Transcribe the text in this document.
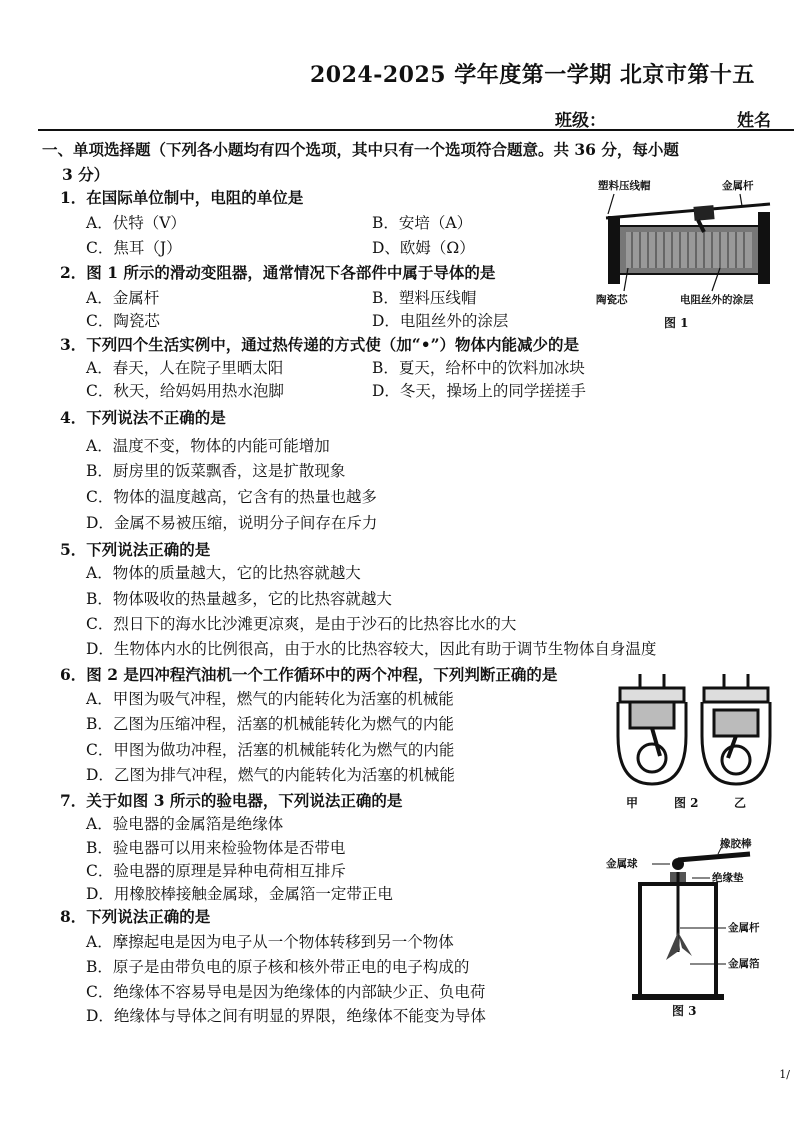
2024-2025 学年度第一学期 北京市第十五
班级：	姓名
一、单项选择题（下列各小题均有四个选项，其中只有一个选项符合题意。共 36 分，每小题
3 分）
1．在国际单位制中，电阻的单位是
A．伏特（V）	B．安培（A）
C．焦耳（J）	D、欧姆（Ω）
2．图 1 所示的滑动变阻器，通常情况下各部件中属于导体的是
A．金属杆	B．塑料压线帽
C．陶瓷芯	D．电阻丝外的涂层
3．下列四个生活实例中，通过热传递的方式使（加“•”）物体内能减少的是
A．春天，人在院子里晒太阳	B．夏天，给杯中的饮料加冰块
C．秋天，给妈妈用热水泡脚	D．冬天，操场上的同学搓搓手
4．下列说法不正确的是
A．温度不变，物体的内能可能增加
B．厨房里的饭菜飘香，这是扩散现象
C．物体的温度越高，它含有的热量也越多
D．金属不易被压缩，说明分子间存在斥力
5．下列说法正确的是
A．物体的质量越大，它的比热容就越大
B．物体吸收的热量越多，它的比热容就越大
C．烈日下的海水比沙滩更凉爽，是由于沙石的比热容比水的大
D．生物体内水的比例很高，由于水的比热容较大，因此有助于调节生物体自身温度
6．图 2 是四冲程汽油机一个工作循环中的两个冲程，下列判断正确的是
A．甲图为吸气冲程，燃气的内能转化为活塞的机械能
B．乙图为压缩冲程，活塞的机械能转化为燃气的内能
C．甲图为做功冲程，活塞的机械能转化为燃气的内能
D．乙图为排气冲程，燃气的内能转化为活塞的机械能
7．关于如图 3 所示的验电器，下列说法正确的是
A．验电器的金属箔是绝缘体
B．验电器可以用来检验物体是否带电
C．验电器的原理是异种电荷相互排斥
D．用橡胶棒接触金属球，金属箔一定带正电
8．下列说法正确的是
A．摩擦起电是因为电子从一个物体转移到另一个物体
B．原子是由带负电的原子核和核外带正电的电子构成的
C．绝缘体不容易导电是因为绝缘体的内部缺少正、负电荷
D．绝缘体与导体之间有明显的界限，绝缘体不能变为导体
塑料压线帽	金属杆
陶瓷芯	电阻丝外的涂层
图 1
甲	图 2	乙
橡胶棒
金属球
绝缘垫
金属杆
金属箔
图 3
1/
